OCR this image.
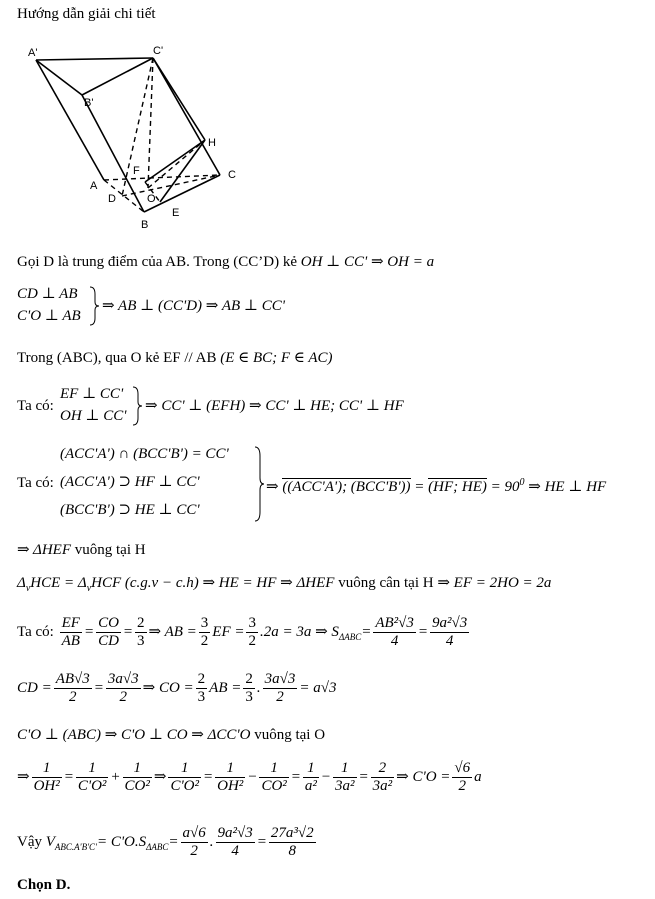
Hướng dẫn giải chi tiết
A'	C'
B'
H
C
A
F
D	O
E
B
Gọi D là trung điểm của AB. Trong (CC’D) kẻ OH ⊥ CC' ⇒ OH = a
CD ⊥ AB
C'O ⊥ AB
⇒ AB ⊥ (CC'D) ⇒ AB ⊥ CC'
Trong (ABC), qua O kẻ EF // AB (E ∈ BC; F ∈ AC)
Ta có:
EF ⊥ CC'
OH ⊥ CC'
⇒ CC' ⊥ (EFH) ⇒ CC' ⊥ HE; CC' ⊥ HF
Ta có:
(ACC'A') ∩ (BCC'B') = CC'
(ACC'A') ⊃ HF ⊥ CC'
(BCC'B') ⊃ HE ⊥ CC'
⇒ ((ACC'A'); (BCC'B')) = (HF; $HE) = 90^0$ ⇒ HE ⊥ HF
⇒ ΔHEF vuông tại H
$\Delta_vHCE = \Delta_vHCF$ (c.g.v − c.h) ⇒ HE = HF ⇒ ΔHEF vuông cân tại H ⇒ EF = 2HO = 2a
Ta có: $\frac{EF}{AB} = \frac{CO}{CD} = \frac{2}{3}$ ⇒ AB = $\frac{3}{2}$ EF = $\frac{3}{2} .2a = 3a$ ⇒ $S_{\Delta ABC}= \frac{\text{AB²√3}}{4} = \frac{\text{9a²√3}}{4}$
CD = $\frac{AB√3}{2} = \frac{3a√3}{2}$ ⇒ CO = $\frac{2}{3}$ AB = $\frac{2}{3}$ . $\frac{3a√3}{2} = a√3$
C'O ⊥ (ABC) ⇒ C'O ⊥ CO ⇒ ΔCC'O vuông tại O
⇒ $\frac{1}{\text{OH²}} = \frac{1}{\text{C'O²}} + \frac{1}{\text{CO²}}$ ⇒ $\frac{1}{\text{C'O²}} = \frac{1}{\text{OH²}} - \frac{1}{\text{CO²}} = \frac{1}{\text{a²}} - \frac{1}{\text{3a²}} = \frac{2}{\text{3a²}}$ ⇒ $C'O = \frac{√6}{2}$ a
Vậy $V_{ABC.A'B'C'}= C'O.S_{\Delta ABC}= \frac{a√6}{2}$ . $\frac{\text{9a²√3}}{4} = \frac{\text{27a³√2}}{8}$
Chọn D.
